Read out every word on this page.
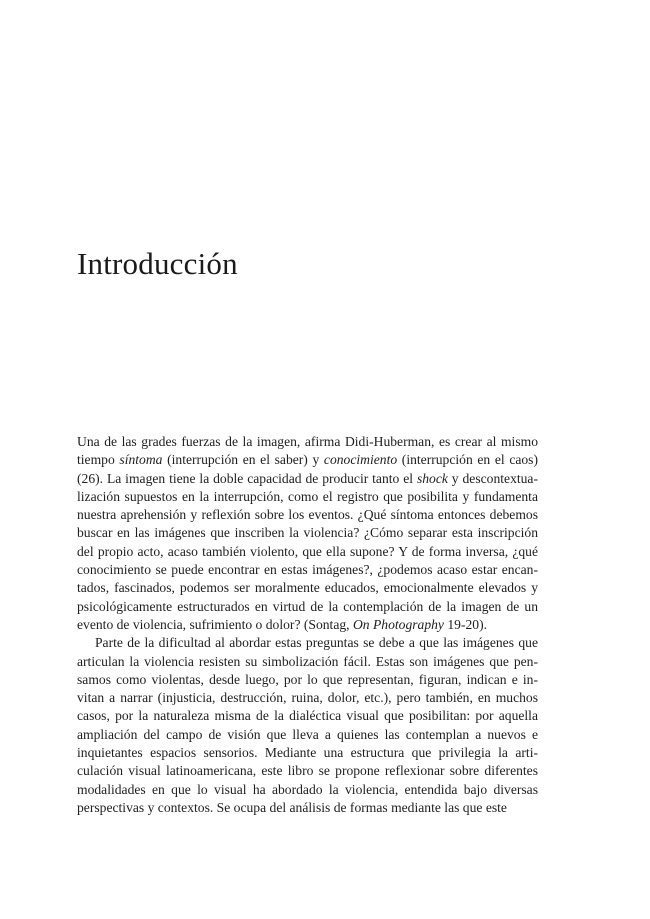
Introducción
Una de las grades fuerzas de la imagen, afirma Didi-Huberman, es crear al mismo
tiempo síntoma (interrupción en el saber) y conocimiento (interrupción en el caos)
(26). La imagen tiene la doble capacidad de producir tanto el shock y descontextua-
lización supuestos en la interrupción, como el registro que posibilita y fundamenta
nuestra aprehensión y reflexión sobre los eventos. ¿Qué síntoma entonces debemos
buscar en las imágenes que inscriben la violencia? ¿Cómo separar esta inscripción
del propio acto, acaso también violento, que ella supone? Y de forma inversa, ¿qué
conocimiento se puede encontrar en estas imágenes?, ¿podemos acaso estar encan-
tados, fascinados, podemos ser moralmente educados, emocionalmente elevados y
psicológicamente estructurados en virtud de la contemplación de la imagen de un
evento de violencia, sufrimiento o dolor? (Sontag, On Photography 19-20).
Parte de la dificultad al abordar estas preguntas se debe a que las imágenes que
articulan la violencia resisten su simbolización fácil. Estas son imágenes que pen-
samos como violentas, desde luego, por lo que representan, figuran, indican e in-
vitan a narrar (injusticia, destrucción, ruina, dolor, etc.), pero también, en muchos
casos, por la naturaleza misma de la dialéctica visual que posibilitan: por aquella
ampliación del campo de visión que lleva a quienes las contemplan a nuevos e
inquietantes espacios sensorios. Mediante una estructura que privilegia la arti-
culación visual latinoamericana, este libro se propone reflexionar sobre diferentes
modalidades en que lo visual ha abordado la violencia, entendida bajo diversas
perspectivas y contextos. Se ocupa del análisis de formas mediante las que este
